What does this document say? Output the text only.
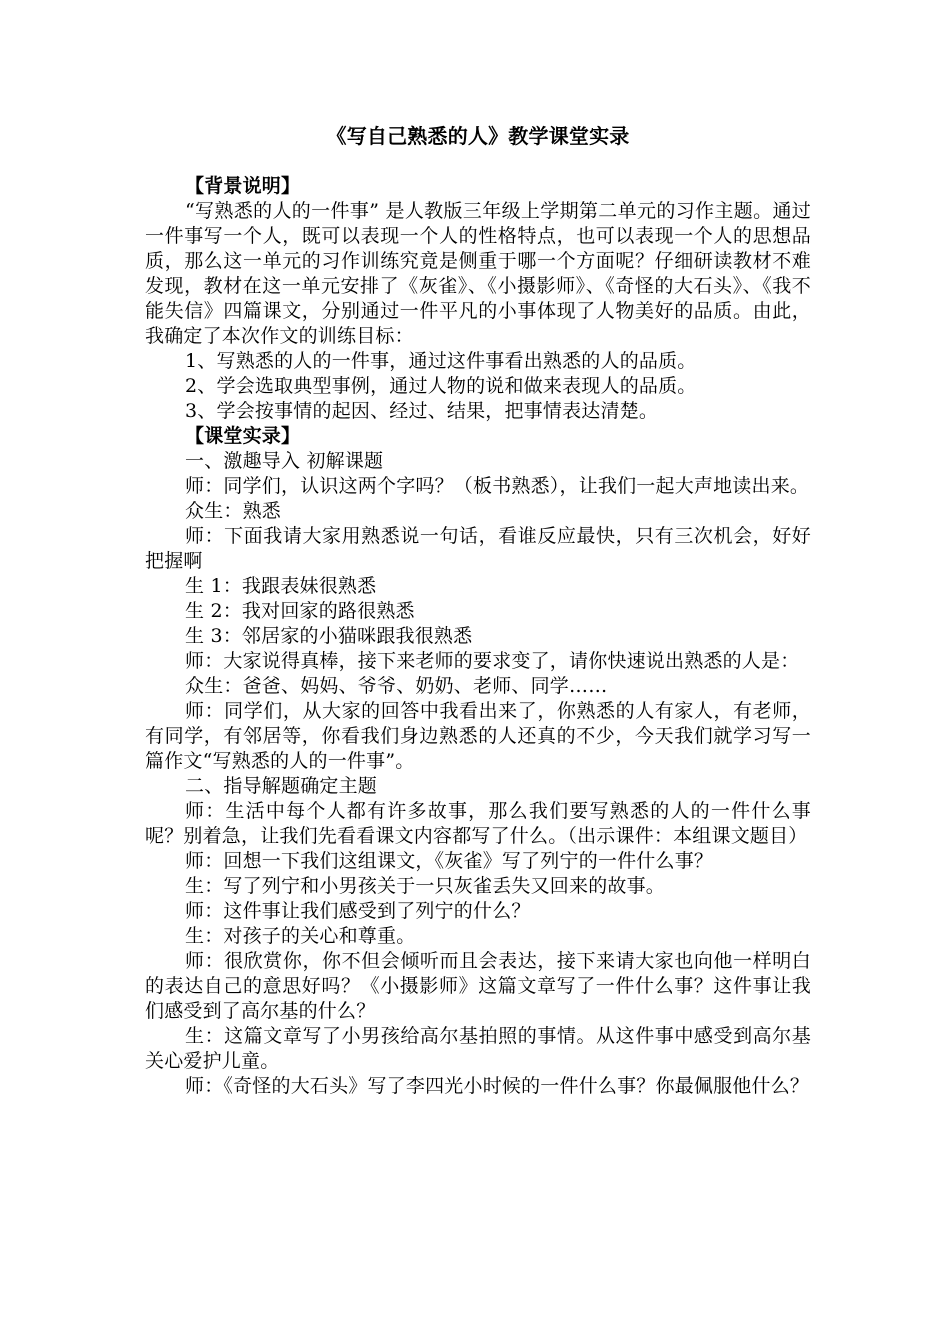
《写自己熟悉的人》教学课堂实录

【背景说明】

“写熟悉的人的一件事” 是人教版三年级上学期第二单元的习作主题。通过一件事写一个人，既可以表现一个人的性格特点，也可以表现一个人的思想品质，那么这一单元的习作训练究竟是侧重于哪一个方面呢？仔细研读教材不难发现，教材在这一单元安排了《灰雀》、《小摄影师》、《奇怪的大石头》、《我不能失信》四篇课文，分别通过一件平凡的小事体现了人物美好的品质。由此，我确定了本次作文的训练目标：

1、写熟悉的人的一件事，通过这件事看出熟悉的人的品质。

2、学会选取典型事例，通过人物的说和做来表现人的品质。

3、学会按事情的起因、经过、结果，把事情表达清楚。

【课堂实录】

一、激趣导入 初解课题

师：同学们，认识这两个字吗？（板书熟悉），让我们一起大声地读出来。

众生：熟悉

师：下面我请大家用熟悉说一句话，看谁反应最快，只有三次机会，好好把握啊

生 1：我跟表妹很熟悉

生 2：我对回家的路很熟悉

生 3：邻居家的小猫咪跟我很熟悉

师：大家说得真棒，接下来老师的要求变了，请你快速说出熟悉的人是：

众生：爸爸、妈妈、爷爷、奶奶、老师、同学……

师：同学们，从大家的回答中我看出来了，你熟悉的人有家人，有老师，有同学，有邻居等，你看我们身边熟悉的人还真的不少，今天我们就学习写一篇作文“写熟悉的人的一件事”。

二、指导解题确定主题

师：生活中每个人都有许多故事，那么我们要写熟悉的人的一件什么事呢？别着急，让我们先看看课文内容都写了什么。（出示课件：本组课文题目）

师：回想一下我们这组课文，《灰雀》写了列宁的一件什么事？

生：写了列宁和小男孩关于一只灰雀丢失又回来的故事。

师：这件事让我们感受到了列宁的什么？

生：对孩子的关心和尊重。

师：很欣赏你，你不但会倾听而且会表达，接下来请大家也向他一样明白的表达自己的意思好吗？《小摄影师》这篇文章写了一件什么事？这件事让我们感受到了高尔基的什么？

生：这篇文章写了小男孩给高尔基拍照的事情。从这件事中感受到高尔基关心爱护儿童。

师：《奇怪的大石头》写了李四光小时候的一件什么事？你最佩服他什么？
